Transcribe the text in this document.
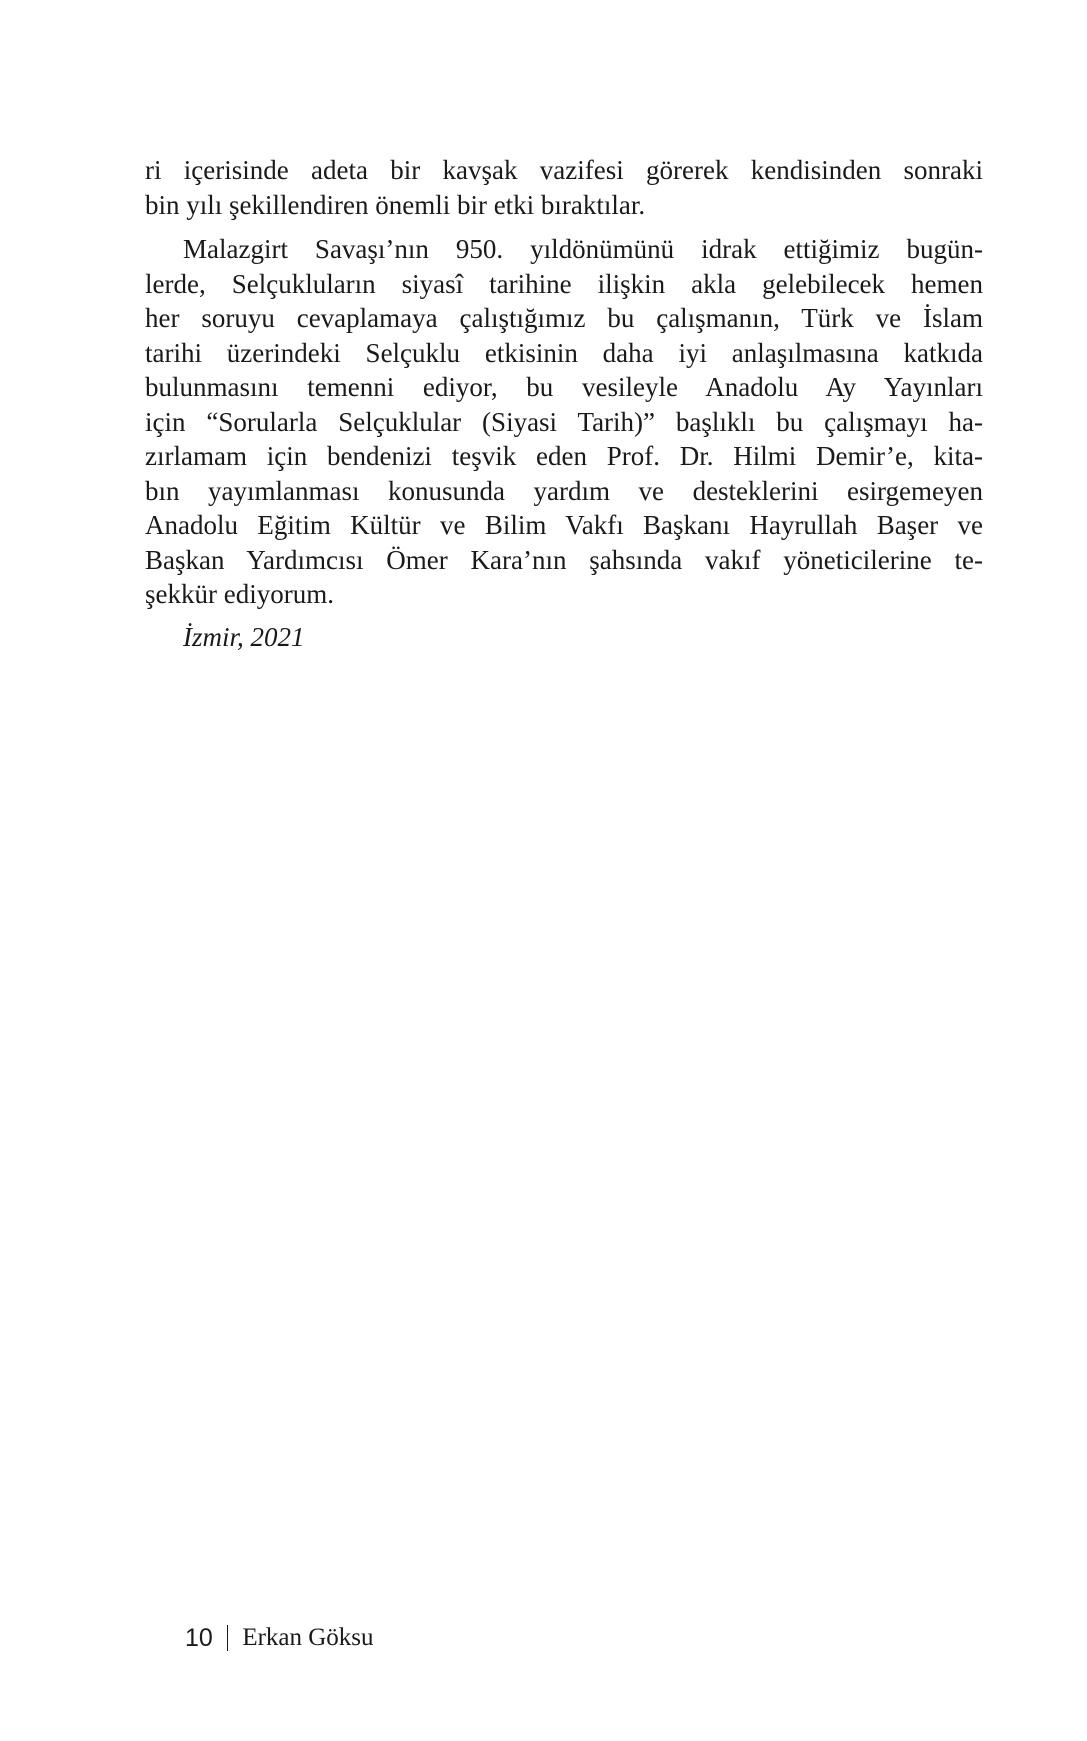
ri içerisinde adeta bir kavşak vazifesi görerek kendisinden sonraki
bin yılı şekillendiren önemli bir etki bıraktılar.
Malazgirt Savaşı’nın 950. yıldönümünü idrak ettiğimiz bugün-
lerde, Selçukluların siyasî tarihine ilişkin akla gelebilecek hemen
her soruyu cevaplamaya çalıştığımız bu çalışmanın, Türk ve İslam
tarihi üzerindeki Selçuklu etkisinin daha iyi anlaşılmasına katkıda
bulunmasını temenni ediyor, bu vesileyle Anadolu Ay Yayınları
için “Sorularla Selçuklular (Siyasi Tarih)” başlıklı bu çalışmayı ha-
zırlamam için bendenizi teşvik eden Prof. Dr. Hilmi Demir’e, kita-
bın yayımlanması konusunda yardım ve desteklerini esirgemeyen
Anadolu Eğitim Kültür ve Bilim Vakfı Başkanı Hayrullah Başer ve
Başkan Yardımcısı Ömer Kara’nın şahsında vakıf yöneticilerine te-
şekkür ediyorum.
İzmir, 2021
10 Erkan Göksu
